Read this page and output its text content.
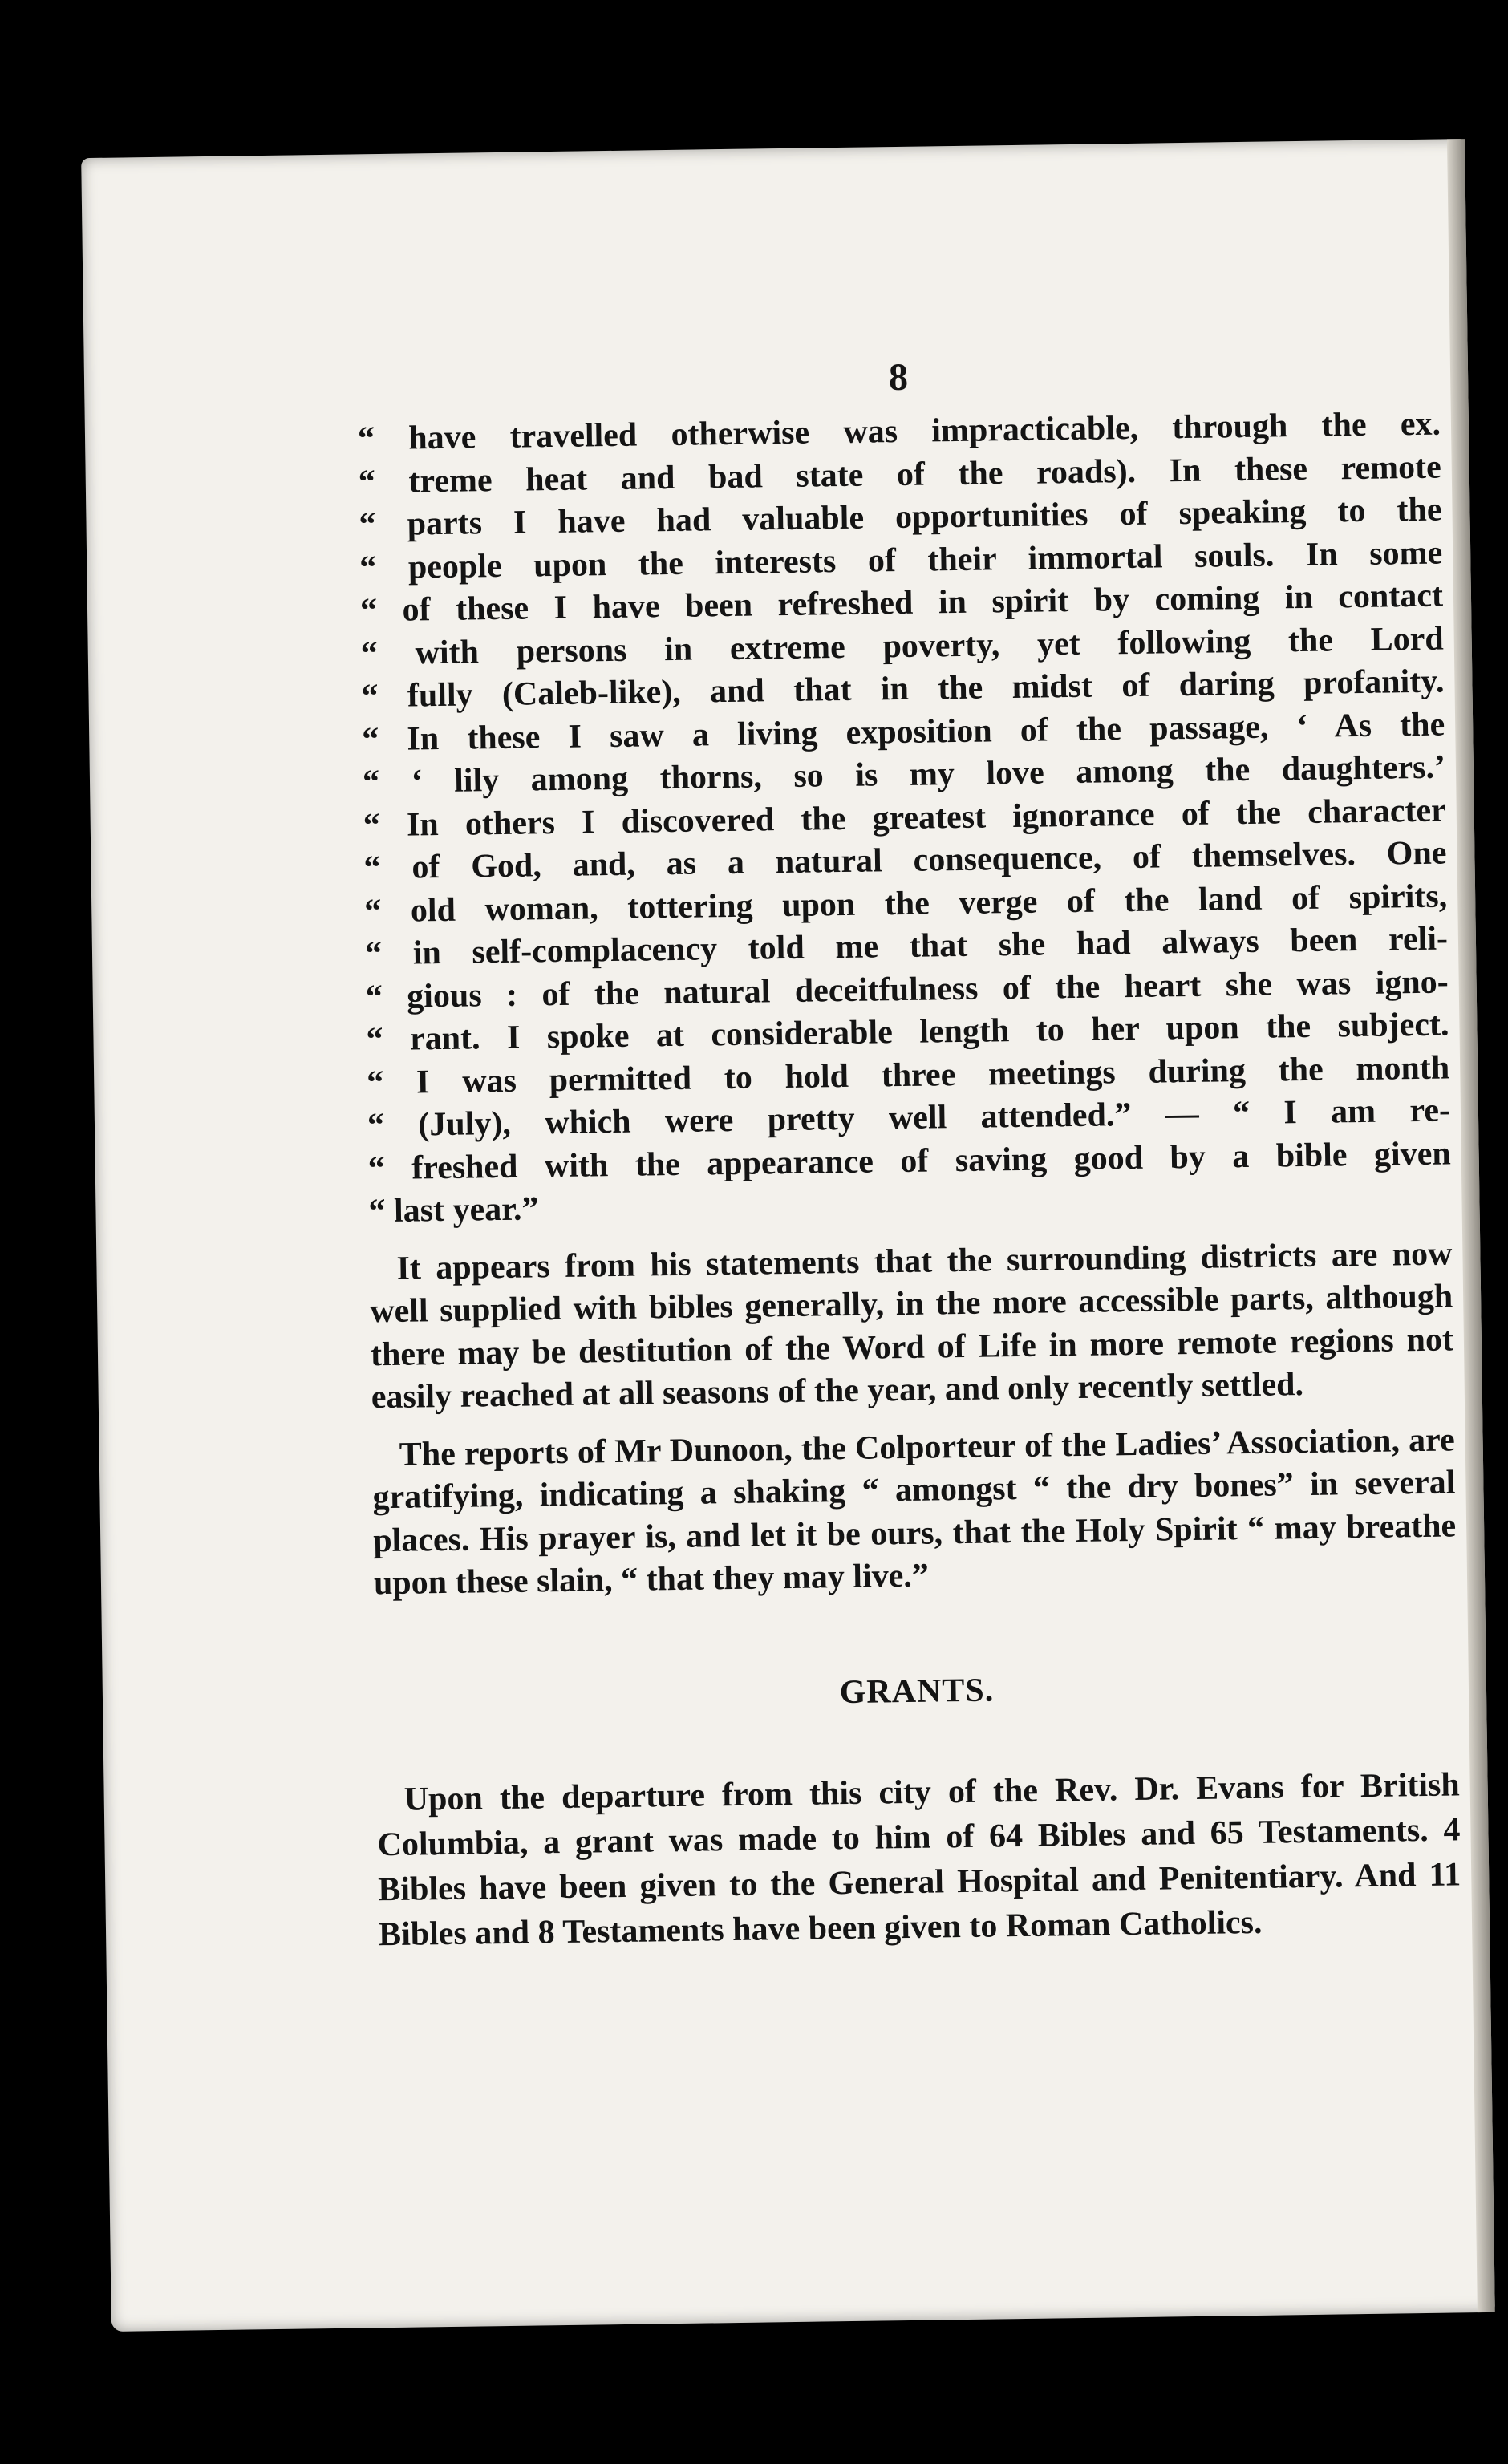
8
“ have travelled otherwise was impracticable, through the ex.
“ treme heat and bad state of the roads). In these remote
“ parts I have had valuable opportunities of speaking to the
“ people upon the interests of their immortal souls. In some
“ of these I have been refreshed in spirit by coming in contact
“ with persons in extreme poverty, yet following the Lord
“ fully (Caleb-like), and that in the midst of daring profanity.
“ In these I saw a living exposition of the passage, ‘ As the
“ ‘ lily among thorns, so is my love among the daughters.’
“ In others I discovered the greatest ignorance of the character
“ of God, and, as a natural consequence, of themselves. One
“ old woman, tottering upon the verge of the land of spirits,
“ in self-complacency told me that she had always been reli-
“ gious : of the natural deceitfulness of the heart she was igno-
“ rant. I spoke at considerable length to her upon the subject.
“ I was permitted to hold three meetings during the month
“ (July), which were pretty well attended.” — “ I am re-
“ freshed with the appearance of saving good by a bible given
“ last year.”

It appears from his statements that the surrounding districts are now well supplied with bibles generally, in the more accessible parts, although there may be destitution of the Word of Life in more remote regions not easily reached at all seasons of the year, and only recently settled.

The reports of Mr Dunoon, the Colporteur of the Ladies’ Association, are gratifying, indicating a shaking “ amongst “ the dry bones” in several places. His prayer is, and let it be ours, that the Holy Spirit “ may breathe upon these slain, “ that they may live.”

GRANTS.

Upon the departure from this city of the Rev. Dr. Evans for British Columbia, a grant was made to him of 64 Bibles and 65 Testaments. 4 Bibles have been given to the General Hospital and Penitentiary. And 11 Bibles and 8 Testaments have been given to Roman Catholics.
